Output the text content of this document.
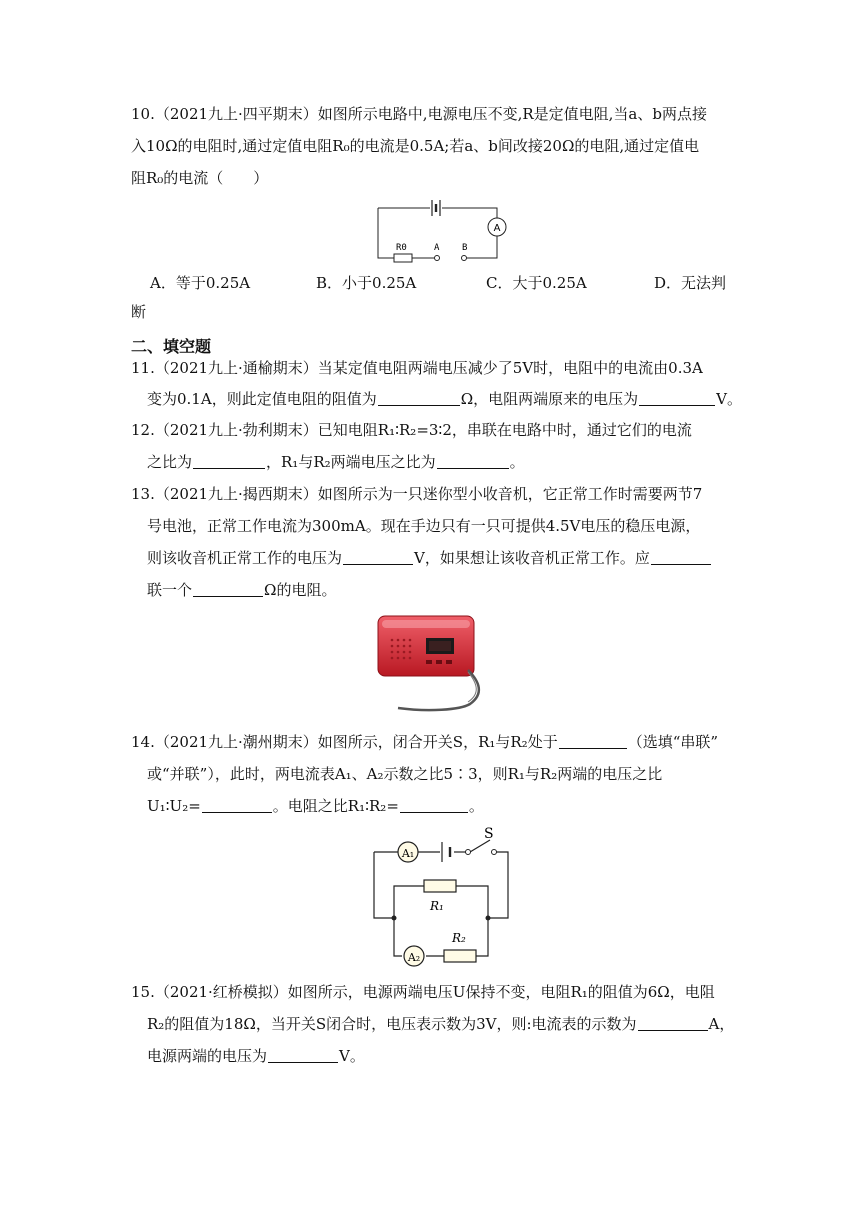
10.（2021九上·四平期末）如图所示电路中,电源电压不变,R是定值电阻,当a、b两点接
入10Ω的电阻时,通过定值电阻R₀的电流是0.5A;若a、b间改接20Ω的电阻,通过定值电
阻R₀的电流（　　）
A
R0	A	B
A．等于0.25A	B．小于0.25A	C．大于0.25A	D．无法判
断
二、填空题
11.（2021九上·通榆期末）当某定值电阻两端电压减少了5V时，电阻中的电流由0.3A
变为0.1A，则此定值电阻的阻值为	Ω，电阻两端原来的电压为	V。
12.（2021九上·勃利期末）已知电阻R₁∶R₂=3∶2，串联在电路中时，通过它们的电流
之比为	，R₁与R₂两端电压之比为	。
13.（2021九上·揭西期末）如图所示为一只迷你型小收音机，它正常工作时需要两节7
号电池，正常工作电流为300mA。现在手边只有一只可提供4.5V电压的稳压电源，
则该收音机正常工作的电压为	V，如果想让该收音机正常工作。应
联一个	Ω的电阻。
14.（2021九上·潮州期末）如图所示，闭合开关S，R₁与R₂处于	（选填“串联”
或“并联”），此时，两电流表A₁、A₂示数之比5∶3，则R₁与R₂两端的电压之比
U₁∶U₂=	。电阻之比R₁∶R₂=	。
A₁
S
R₁
A₂
R₂
15.（2021·红桥模拟）如图所示，电源两端电压U保持不变，电阻R₁的阻值为6Ω，电阻
R₂的阻值为18Ω，当开关S闭合时，电压表示数为3V，则:电流表的示数为	A，
电源两端的电压为	V。
